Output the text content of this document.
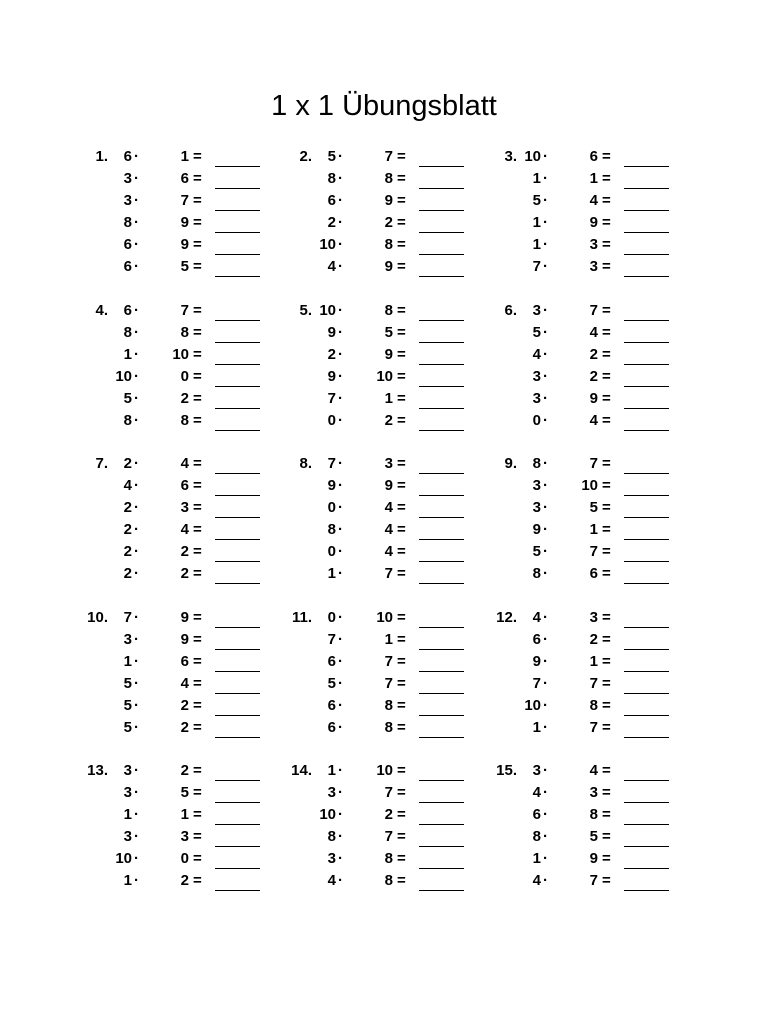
1 x 1 Übungsblatt
1.	6 ·	1 =
3 ·	6 =
3 ·	7 =
8 ·	9 =
6 ·	9 =
6 ·	5 =
2.	5 ·	7 =
8 ·	8 =
6 ·	9 =
2 ·	2 =
10 ·	8 =
4 ·	9 =
3. 10 ·	6 =
1 ·	1 =
5 ·	4 =
1 ·	9 =
1 ·	3 =
7 ·	3 =
4.	6 ·	7 =
8 ·	8 =
1 ·	10 =
10 ·	0 =
5 ·	2 =
8 ·	8 =
5. 10 ·	8 =
9 ·	5 =
2 ·	9 =
9 ·	10 =
7 ·	1 =
0 ·	2 =
6.	3 ·	7 =
5 ·	4 =
4 ·	2 =
3 ·	2 =
3 ·	9 =
0 ·	4 =
7.	2 ·	4 =
4 ·	6 =
2 ·	3 =
2 ·	4 =
2 ·	2 =
2 ·	2 =
8.	7 ·	3 =
9 ·	9 =
0 ·	4 =
8 ·	4 =
0 ·	4 =
1 ·	7 =
9.	8 ·	7 =
3 ·	10 =
3 ·	5 =
9 ·	1 =
5 ·	7 =
8 ·	6 =
10.	7 ·	9 =
3 ·	9 =
1 ·	6 =
5 ·	4 =
5 ·	2 =
5 ·	2 =
11.	0 ·	10 =
7 ·	1 =
6 ·	7 =
5 ·	7 =
6 ·	8 =
6 ·	8 =
12.	4 ·	3 =
6 ·	2 =
9 ·	1 =
7 ·	7 =
10 ·	8 =
1 ·	7 =
13.	3 ·	2 =
3 ·	5 =
1 ·	1 =
3 ·	3 =
10 ·	0 =
1 ·	2 =
14.	1 ·	10 =
3 ·	7 =
10 ·	2 =
8 ·	7 =
3 ·	8 =
4 ·	8 =
15.	3 ·	4 =
4 ·	3 =
6 ·	8 =
8 ·	5 =
1 ·	9 =
4 ·	7 =
